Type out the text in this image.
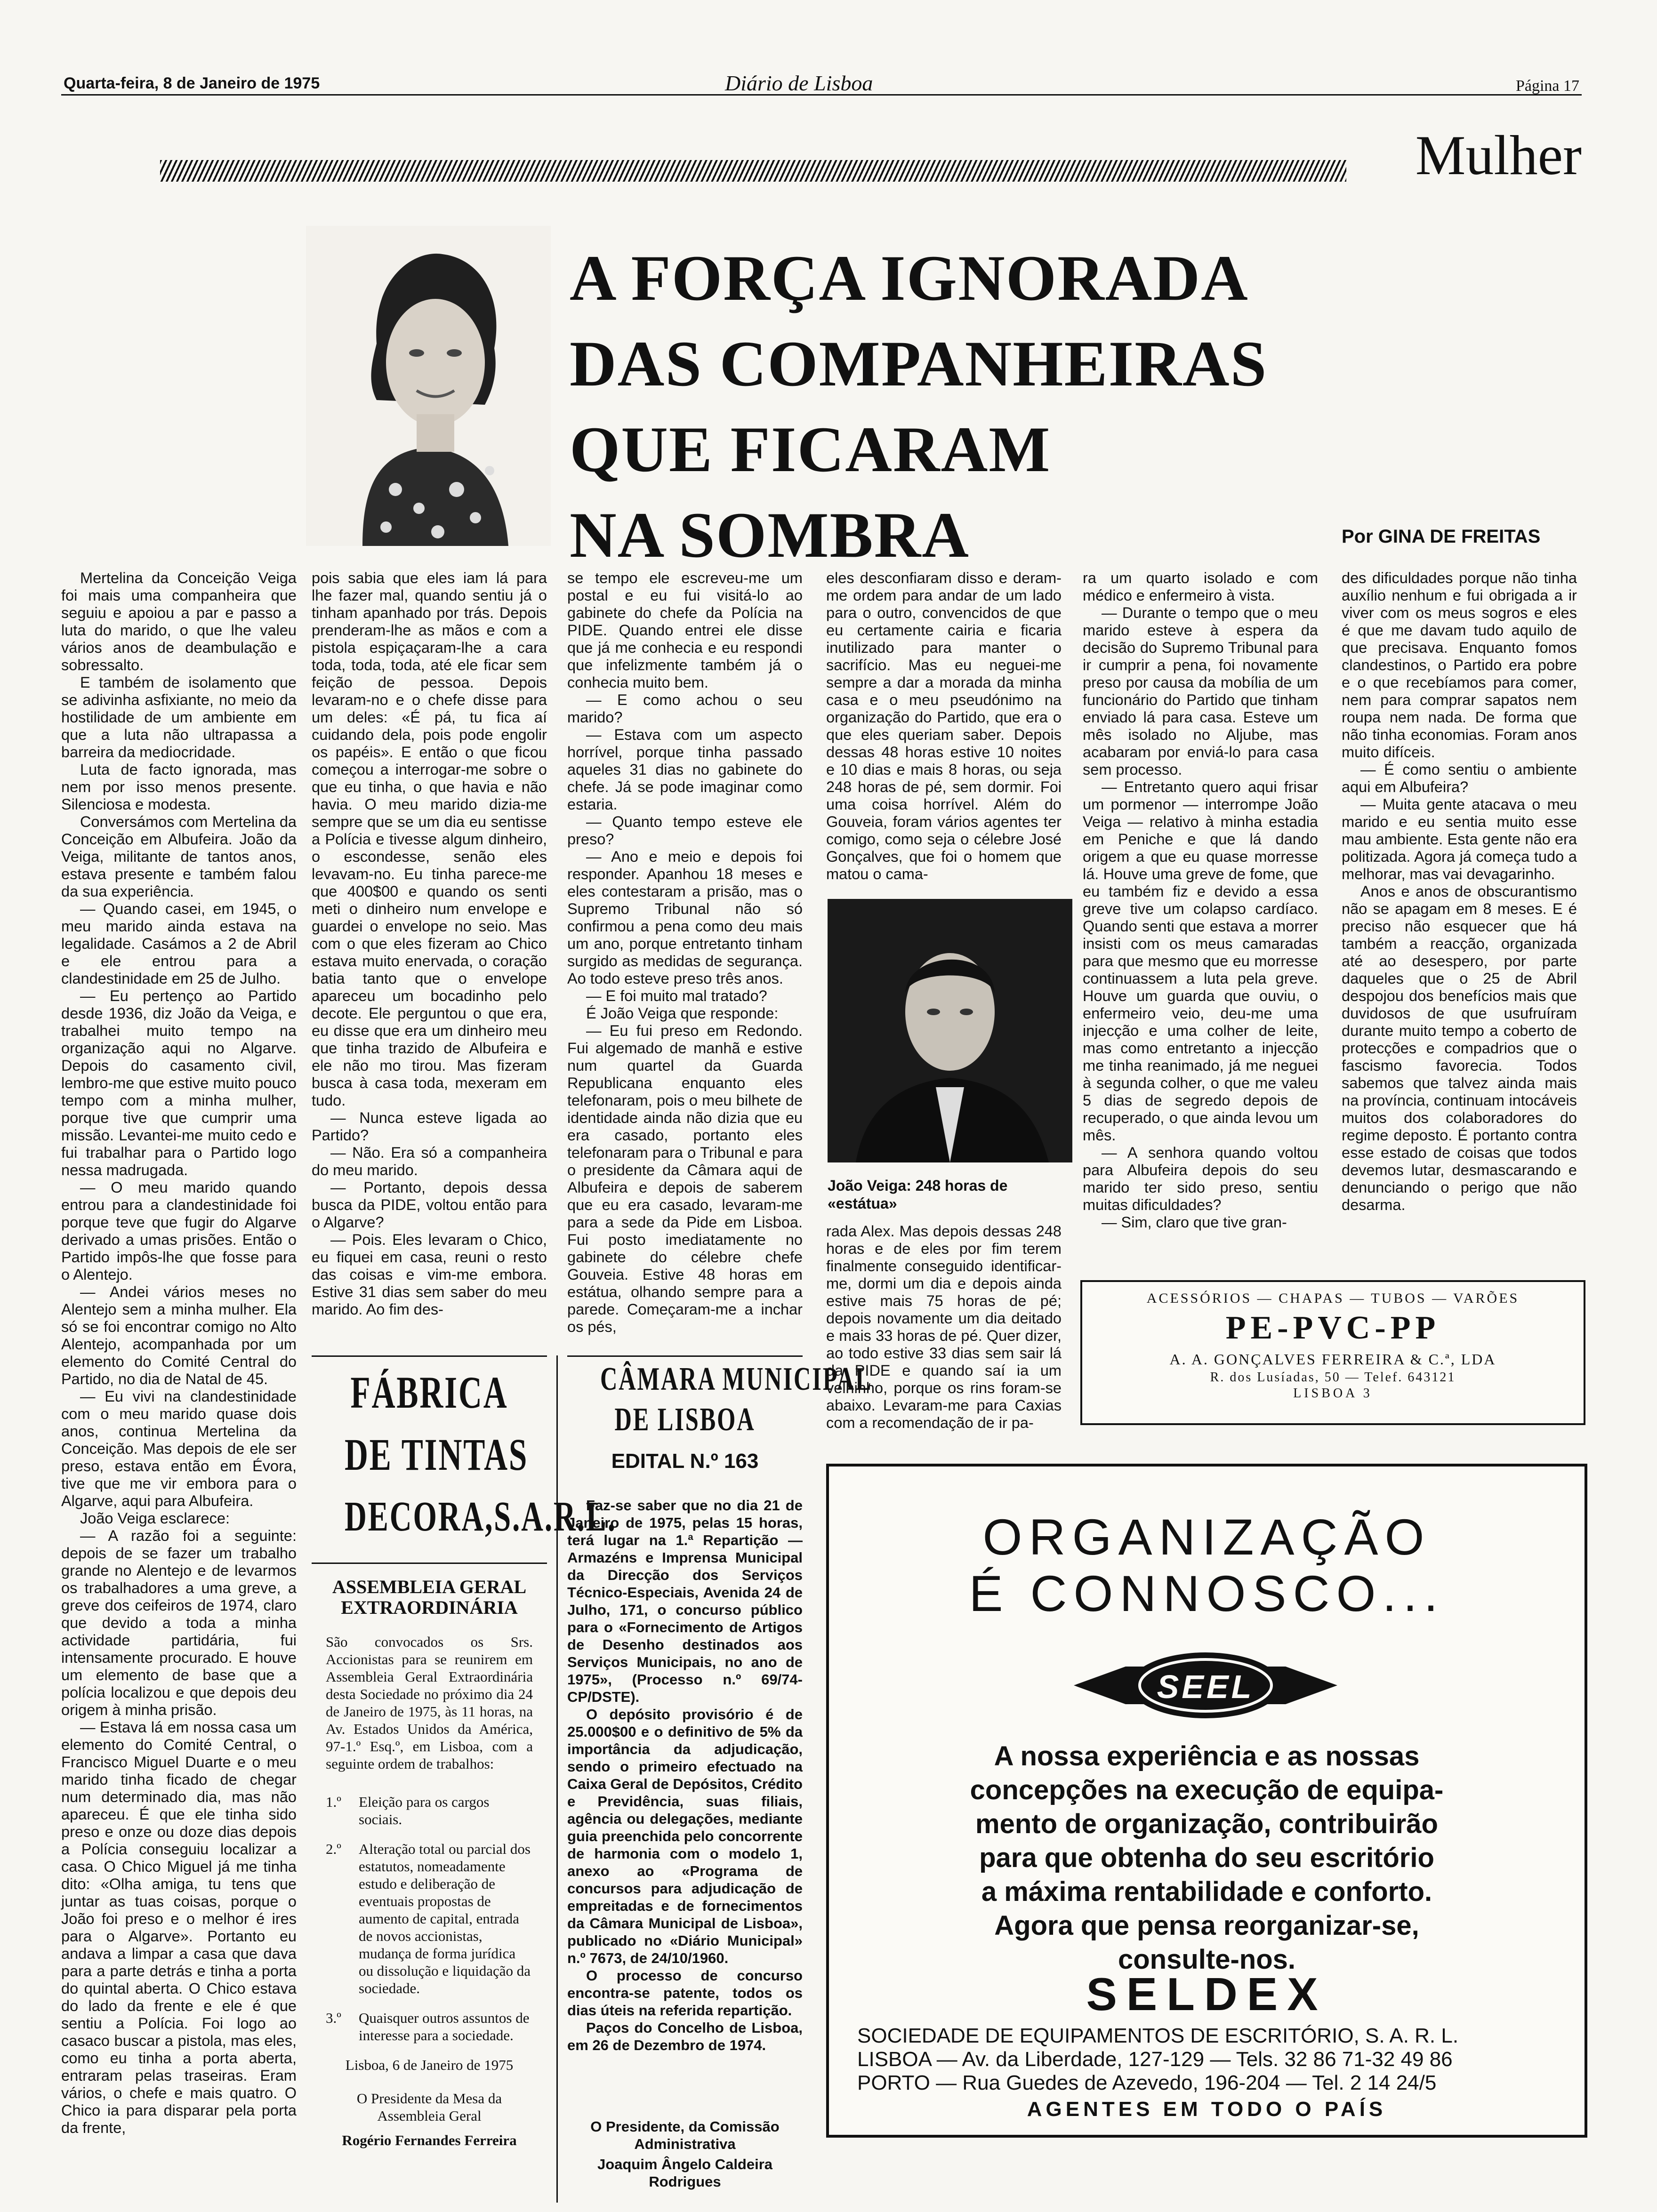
Quarta-feira, 8 de Janeiro de 1975	Diário de Lisboa	Página 17
Mulher
A FORÇA IGNORADA
DAS COMPANHEIRAS
QUE FICARAM
NA SOMBRA	Por GINA DE FREITAS

Mertelina da Conceição Veiga foi mais uma companheira que seguiu e apoiou a par e passo a luta do marido, o que lhe valeu vários anos de deambulação e sobressalto.

E também de isolamento que se adivinha asfixiante, no meio da hostilidade de um ambiente em que a luta não ultrapassa a barreira da mediocridade.

Luta de facto ignorada, mas nem por isso menos presente. Silenciosa e modesta.

Conversámos com Mertelina da Conceição em Albufeira. João da Veiga, militante de tantos anos, estava presente e também falou da sua experiência.

— Quando casei, em 1945, o meu marido ainda estava na legalidade. Casámos a 2 de Abril e ele entrou para a clandestinidade em 25 de Julho.

— Eu pertenço ao Partido desde 1936, diz João da Veiga, e trabalhei muito tempo na organização aqui no Algarve. Depois do casamento civil, lembro-me que estive muito pouco tempo com a minha mulher, porque tive que cumprir uma missão. Levantei-me muito cedo e fui trabalhar para o Partido logo nessa madrugada.

— O meu marido quando entrou para a clandestinidade foi porque teve que fugir do Algarve derivado a umas prisões. Então o Partido impôs-lhe que fosse para o Alentejo.

— Andei vários meses no Alentejo sem a minha mulher. Ela só se foi encontrar comigo no Alto Alentejo, acompanhada por um elemento do Comité Central do Partido, no dia de Natal de 45.

— Eu vivi na clandestinidade com o meu marido quase dois anos, continua Mertelina da Conceição. Mas depois de ele ser preso, estava então em Évora, tive que me vir embora para o Algarve, aqui para Albufeira.

João Veiga esclarece:

— A razão foi a seguinte: depois de se fazer um trabalho grande no Alentejo e de levarmos os trabalhadores a uma greve, a greve dos ceifeiros de 1974, claro que devido a toda a minha actividade partidária, fui intensamente procurado. E houve um elemento de base que a polícia localizou e que depois deu origem à minha prisão.

— Estava lá em nossa casa um elemento do Comité Central, o Francisco Miguel Duarte e o meu marido tinha ficado de chegar num determinado dia, mas não apareceu. É que ele tinha sido preso e onze ou doze dias depois a Polícia conseguiu localizar a casa. O Chico Miguel já me tinha dito: «Olha amiga, tu tens que juntar as tuas coisas, porque o João foi preso e o melhor é ires para o Algarve». Portanto eu andava a limpar a casa que dava para a parte detrás e tinha a porta do quintal aberta. O Chico estava do lado da frente e ele é que sentiu a Polícia. Foi logo ao casaco buscar a pistola, mas eles, como eu tinha a porta aberta, entraram pelas traseiras. Eram vários, o chefe e mais quatro. O Chico ia para disparar pela porta da frente,

pois sabia que eles iam lá para lhe fazer mal, quando sentiu já o tinham apanhado por trás. Depois prenderam-lhe as mãos e com a pistola espiçaçaram-lhe a cara toda, toda, toda, até ele ficar sem feição de pessoa. Depois levaram-no e o chefe disse para um deles: «É pá, tu fica aí cuidando dela, pois pode engolir os papéis». E então o que ficou começou a interrogar-me sobre o que eu tinha, o que havia e não havia. O meu marido dizia-me sempre que se um dia eu sentisse a Polícia e tivesse algum dinheiro, o escondesse, senão eles levavam-no. Eu tinha parece-me que 400$00 e quando os senti meti o dinheiro num envelope e guardei o envelope no seio. Mas com o que eles fizeram ao Chico estava muito enervada, o coração batia tanto que o envelope apareceu um bocadinho pelo decote. Ele perguntou o que era, eu disse que era um dinheiro meu que tinha trazido de Albufeira e ele não mo tirou. Mas fizeram busca à casa toda, mexeram em tudo.

— Nunca esteve ligada ao Partido?

— Não. Era só a companheira do meu marido.

— Portanto, depois dessa busca da PIDE, voltou então para o Algarve?

— Pois. Eles levaram o Chico, eu fiquei em casa, reuni o resto das coisas e vim-me embora. Estive 31 dias sem saber do meu marido. Ao fim des-

se tempo ele escreveu-me um postal e eu fui visitá-lo ao gabinete do chefe da Polícia na PIDE. Quando entrei ele disse que já me conhecia e eu respondi que infelizmente também já o conhecia muito bem.

— E como achou o seu marido?

— Estava com um aspecto horrível, porque tinha passado aqueles 31 dias no gabinete do chefe. Já se pode imaginar como estaria.

— Quanto tempo esteve ele preso?

— Ano e meio e depois foi responder. Apanhou 18 meses e eles contestaram a prisão, mas o Supremo Tribunal não só confirmou a pena como deu mais um ano, porque entretanto tinham surgido as medidas de segurança. Ao todo esteve preso três anos.

— E foi muito mal tratado?

É João Veiga que responde:

— Eu fui preso em Redondo. Fui algemado de manhã e estive num quartel da Guarda Republicana enquanto eles telefonaram, pois o meu bilhete de identidade ainda não dizia que eu era casado, portanto eles telefonaram para o Tribunal e para o presidente da Câmara aqui de Albufeira e depois de saberem que eu era casado, levaram-me para a sede da Pide em Lisboa. Fui posto imediatamente no gabinete do célebre chefe Gouveia. Estive 48 horas em estátua, olhando sempre para a parede. Começaram-me a inchar os pés,

eles desconfiaram disso e deram-me ordem para andar de um lado para o outro, convencidos de que eu certamente cairia e ficaria inutilizado para manter o sacrifício. Mas eu neguei-me sempre a dar a morada da minha casa e o meu pseudónimo na organização do Partido, que era o que eles queriam saber. Depois dessas 48 horas estive 10 noites e 10 dias e mais 8 horas, ou seja 248 horas de pé, sem dormir. Foi uma coisa horrível. Além do Gouveia, foram vários agentes ter comigo, como seja o célebre José Gonçalves, que foi o homem que matou o cama-

João Veiga: 248 horas de «estátua»

rada Alex. Mas depois dessas 248 horas e de eles por fim terem finalmente conseguido identificar-me, dormi um dia e depois ainda estive mais 75 horas de pé; depois novamente um dia deitado e mais 33 horas de pé. Quer dizer, ao todo estive 33 dias sem sair lá da PIDE e quando saí ia um velhinho, porque os rins foram-se abaixo. Levaram-me para Caxias com a recomendação de ir pa-

ra um quarto isolado e com médico e enfermeiro à vista.

— Durante o tempo que o meu marido esteve à espera da decisão do Supremo Tribunal para ir cumprir a pena, foi novamente preso por causa da mobília de um funcionário do Partido que tinham enviado lá para casa. Esteve um mês isolado no Aljube, mas acabaram por enviá-lo para casa sem processo.

— Entretanto quero aqui frisar um pormenor — interrompe João Veiga — relativo à minha estadia em Peniche e que lá dando origem a que eu quase morresse lá. Houve uma greve de fome, que eu também fiz e devido a essa greve tive um colapso cardíaco. Quando senti que estava a morrer insisti com os meus camaradas para que mesmo que eu morresse continuassem a luta pela greve. Houve um guarda que ouviu, o enfermeiro veio, deu-me uma injecção e uma colher de leite, mas como entretanto a injecção me tinha reanimado, já me neguei à segunda colher, o que me valeu 5 dias de segredo depois de recuperado, o que ainda levou um mês.

— A senhora quando voltou para Albufeira depois do seu marido ter sido preso, sentiu muitas dificuldades?

— Sim, claro que tive gran-

des dificuldades porque não tinha auxílio nenhum e fui obrigada a ir viver com os meus sogros e eles é que me davam tudo aquilo de que precisava. Enquanto fomos clandestinos, o Partido era pobre e o que recebíamos para comer, nem para comprar sapatos nem roupa nem nada. De forma que não tinha economias. Foram anos muito difíceis.

— É como sentiu o ambiente aqui em Albufeira?

— Muita gente atacava o meu marido e eu sentia muito esse mau ambiente. Esta gente não era politizada. Agora já começa tudo a melhorar, mas vai devagarinho.

Anos e anos de obscurantismo não se apagam em 8 meses. E é preciso não esquecer que há também a reacção, organizada até ao desespero, por parte daqueles que o 25 de Abril despojou dos benefícios mais que duvidosos de que usufruíram durante muito tempo a coberto de protecções e compadrios que o fascismo favorecia. Todos sabemos que talvez ainda mais na província, continuam intocáveis muitos dos colaboradores do regime deposto. É portanto contra esse estado de coisas que todos devemos lutar, desmascarando e denunciando o perigo que não desarma.

FÁBRICA
DE TINTAS
DECORA,S.A.R.L.
ASSEMBLEIA GERAL
EXTRAORDINÁRIA
São convocados os Srs. Accionistas para se reunirem em Assembleia Geral Extraordinária desta Sociedade no próximo dia 24 de Janeiro de 1975, às 11 horas, na Av. Estados Unidos da América, 97-1.º Esq.º, em Lisboa, com a seguinte ordem de trabalhos:
1.º	Eleição para os cargos sociais.
2.º	Alteração total ou parcial dos estatutos, nomeadamente estudo e deliberação de eventuais propostas de aumento de capital, entrada de novos accionistas, mudança de forma jurídica ou dissolução e liquidação da sociedade.
3.º	Quaisquer outros assuntos de interesse para a sociedade.
Lisboa, 6 de Janeiro de 1975
O Presidente da Mesa da Assembleia Geral
Rogério Fernandes Ferreira
CÂMARA MUNICIPAL
DE LISBOA
EDITAL N.º 163

Faz-se saber que no dia 21 de Janeiro de 1975, pelas 15 horas, terá lugar na 1.ª Repartição — Armazéns e Imprensa Municipal da Direcção dos Serviços Técnico-Especiais, Avenida 24 de Julho, 171, o concurso público para o «Fornecimento de Artigos de Desenho destinados aos Serviços Municipais, no ano de 1975», (Processo n.º 69/74-CP/DSTE).

O depósito provisório é de 25.000$00 e o definitivo de 5% da importância da adjudicação, sendo o primeiro efectuado na Caixa Geral de Depósitos, Crédito e Previdência, suas filiais, agência ou delegações, mediante guia preenchida pelo concorrente de harmonia com o modelo 1, anexo ao «Programa de concursos para adjudicação de empreitadas e de fornecimentos da Câmara Municipal de Lisboa», publicado no «Diário Municipal» n.º 7673, de 24/10/1960.

O processo de concurso encontra-se patente, todos os dias úteis na referida repartição.

Paços do Concelho de Lisboa, em 26 de Dezembro de 1974.

O Presidente, da Comissão Administrativa
Joaquim Ângelo Caldeira Rodrigues
ACESSÓRIOS — CHAPAS — TUBOS — VARÕES
PE-PVC-PP
A. A. GONÇALVES FERREIRA & C.ª, LDA
R. dos Lusíadas, 50 — Telef. 643121
LISBOA 3
ORGANIZAÇÃO
É CONNOSCO...
SEEL
A nossa experiência e as nossas
concepções na execução de equipa-
mento de organização, contribuirão
para que obtenha do seu escritório
a máxima rentabilidade e conforto.
Agora que pensa reorganizar-se,
consulte-nos.
SELDEX
SOCIEDADE DE EQUIPAMENTOS DE ESCRITÓRIO, S. A. R. L.
LISBOA — Av. da Liberdade, 127-129 — Tels. 32 86 71-32 49 86
PORTO — Rua Guedes de Azevedo, 196-204 — Tel. 2 14 24/5
AGENTES EM TODO O PAÍS
